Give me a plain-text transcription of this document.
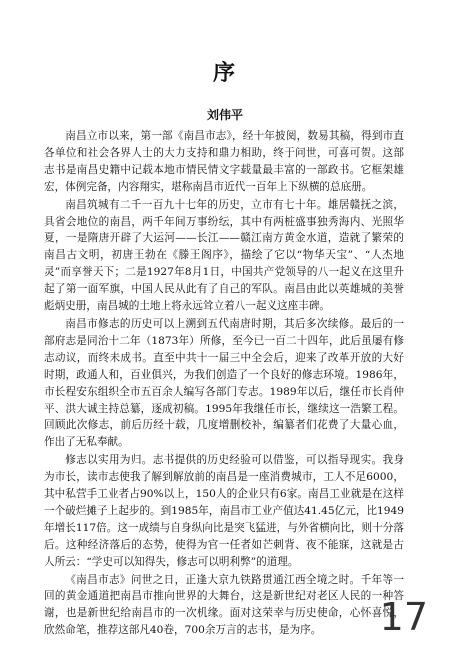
序
刘伟平

南昌立市以来，第一部《南昌市志》，经十年披阅，数易其稿，得到市直各单位和社会各界人士的大力支持和鼎力相助，终于问世，可喜可贺。这部志书是南昌史籍中记载本地市情民情文字载量最丰富的一部政书。它框架雄宏，体例完备，内容翔实，堪称南昌市近代一百年上下纵横的总底册。

南昌筑城有二千一百九十七年的历史，立市有七十年。雄居赣抚之滨，具省会地位的南昌，两千年间万事纷纭，其中有两桩盛事独秀海内、光照华夏，一是隋唐开辟了大运河——长江——赣江南方黄金水道，造就了繁荣的南昌古文明，初唐王勃在《滕王阁序》，描绘了它以“物华天宝”、“人杰地灵”而享誉天下；二是1927年8月1日，中国共产党领导的八一起义在这里升起了第一面军旗，中国人民从此有了自己的军队。南昌由此以英雄城的美誉彪炳史册，南昌城的土地上将永远耸立着八一起义这座丰碑。

南昌市修志的历史可以上溯到五代南唐时期，其后多次续修。最后的一部府志是同治十二年（1873年）所修，至今已一百二十四年，此后虽屡有修志动议，而终未成书。直至中共十一届三中全会后，迎来了改革开放的大好时期，政通人和，百业俱兴，为我们创造了一个良好的修志环境。1986年，市长程安东组织全市五百余人编写各部门专志。1989年以后，继任市长肖仲平、洪大诚主持总纂，逐成初稿。1995年我继任市长，继续这一浩繁工程。回顾此次修志，前后历经十载，几度增删校补，编纂者们花费了大量心血，作出了无私奉献。

修志以实用为归。志书提供的历史经验可以借鉴，可以指导现实。我身为市长，读市志使我了解到解放前的南昌是一座消费城市，工人不足6000，其中私营手工业者占90%以上，150人的企业只有6家。南昌工业就是在这样一个破烂摊子上起步的。到1985年，南昌市工业产值达41.45亿元，比1949年增长117倍。这一成绩与自身纵向比是突飞猛进，与外省横向比，则十分落后。这种经济落后的态势，使得为官一任者如芒刺背、夜不能寐，这就是古人所云：“学史可以知得失，修志可以明利弊”的道理。

《南昌市志》问世之日，正逢大京九铁路贯通江西全境之时。千年等一回的黄金通道把南昌市推向世界的大舞台，这是新世纪对老区人民的一种答谢，也是新世纪给南昌市的一次机缘。面对这荣幸与历史使命，心怀喜悦，欣然命笔，推荐这部凡40卷，700余万言的志书，是为序。	17
